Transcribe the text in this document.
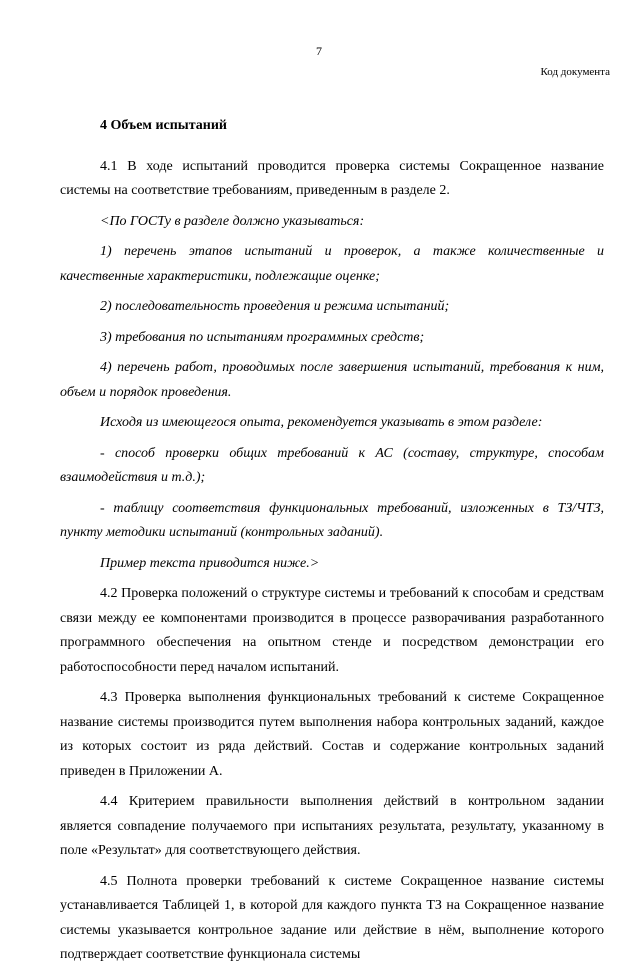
7
Код документа
4 Объем испытаний

4.1 В ходе испытаний проводится проверка системы Сокращенное название системы на соответствие требованиям, приведенным в разделе 2.

<По ГОСТу в разделе должно указываться:

1) перечень этапов испытаний и проверок, а также количественные и качественные характеристики, подлежащие оценке;

2) последовательность проведения и режима испытаний;

3) требования по испытаниям программных средств;

4) перечень работ, проводимых после завершения испытаний, требования к ним, объем и порядок проведения.

Исходя из имеющегося опыта, рекомендуется указывать в этом разделе:

- способ проверки общих требований к АС (составу, структуре, способам взаимодействия и т.д.);

- таблицу соответствия функциональных требований, изложенных в ТЗ/ЧТЗ, пункту методики испытаний (контрольных заданий).

Пример текста приводится ниже.>

4.2 Проверка положений о структуре системы и требований к способам и средствам связи между ее компонентами производится в процессе разворачивания разработанного программного обеспечения на опытном стенде и посредством демонстрации его работоспособности перед началом испытаний.

4.3 Проверка выполнения функциональных требований к системе Сокращенное название системы производится путем выполнения набора контрольных заданий, каждое из которых состоит из ряда действий. Состав и содержание контрольных заданий приведен в Приложении А.

4.4 Критерием правильности выполнения действий в контрольном задании является совпадение получаемого при испытаниях результата, результату, указанному в поле «Результат» для соответствующего действия.

4.5 Полнота проверки требований к системе Сокращенное название системы устанавливается Таблицей 1, в которой для каждого пункта ТЗ на Сокращенное название системы указывается контрольное задание или действие в нём, выполнение которого подтверждает соответствие функционала системы
